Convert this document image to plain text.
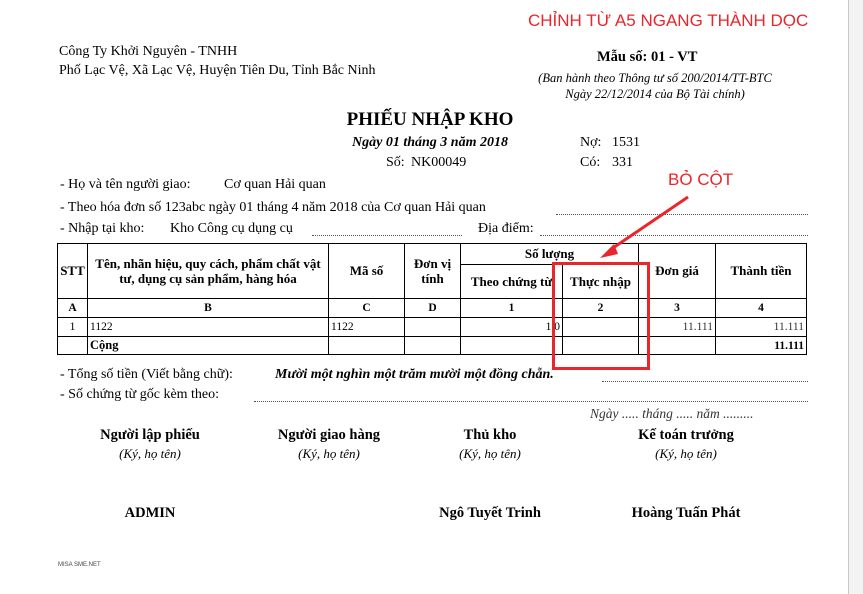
CHỈNH TỪ A5 NGANG THÀNH DỌC
BỎ CỘT
Công Ty Khởi Nguyên - TNHH
Phố Lạc Vệ, Xã Lạc Vệ, Huyện Tiên Du, Tỉnh Bắc Ninh
Mẫu số: 01 - VT
(Ban hành theo Thông tư số 200/2014/TT-BTC
Ngày 22/12/2014 của Bộ Tài chính)
PHIẾU NHẬP KHO
Ngày 01 tháng 3 năm 2018
Số: NK00049
Nợ: 1531
Có: 331
- Họ và tên người giao: Cơ quan Hải quan
- Theo hóa đơn số 123abc ngày 01 tháng 4 năm 2018 của Cơ quan Hải quan
- Nhập tại kho: Kho Công cụ dụng cụ	Địa điểm:
STT	Tên, nhãn hiệu, quy cách, phẩm chất vật tư, dụng cụ sản phẩm, hàng hóa	Mã số	Đơn vị tính	Số lượng		Đơn giá	Thành tiền
				Theo chứng từ	Thực nhập		
A	B	C	D	1	2	3	4
1	1122	1122		1,0		11.111	11.111
	Cộng						11.111
- Tổng số tiền (Viết bằng chữ):	Mười một nghìn một trăm mười một đồng chẵn.
- Số chứng từ gốc kèm theo:
Ngày ..... tháng ..... năm .........
Người lập phiếu
(Ký, họ tên)
ADMIN
Người giao hàng
(Ký, họ tên)
Thủ kho
(Ký, họ tên)
Ngô Tuyết Trinh
Kế toán trưởng
(Ký, họ tên)
Hoàng Tuấn Phát
MISA SME.NET
